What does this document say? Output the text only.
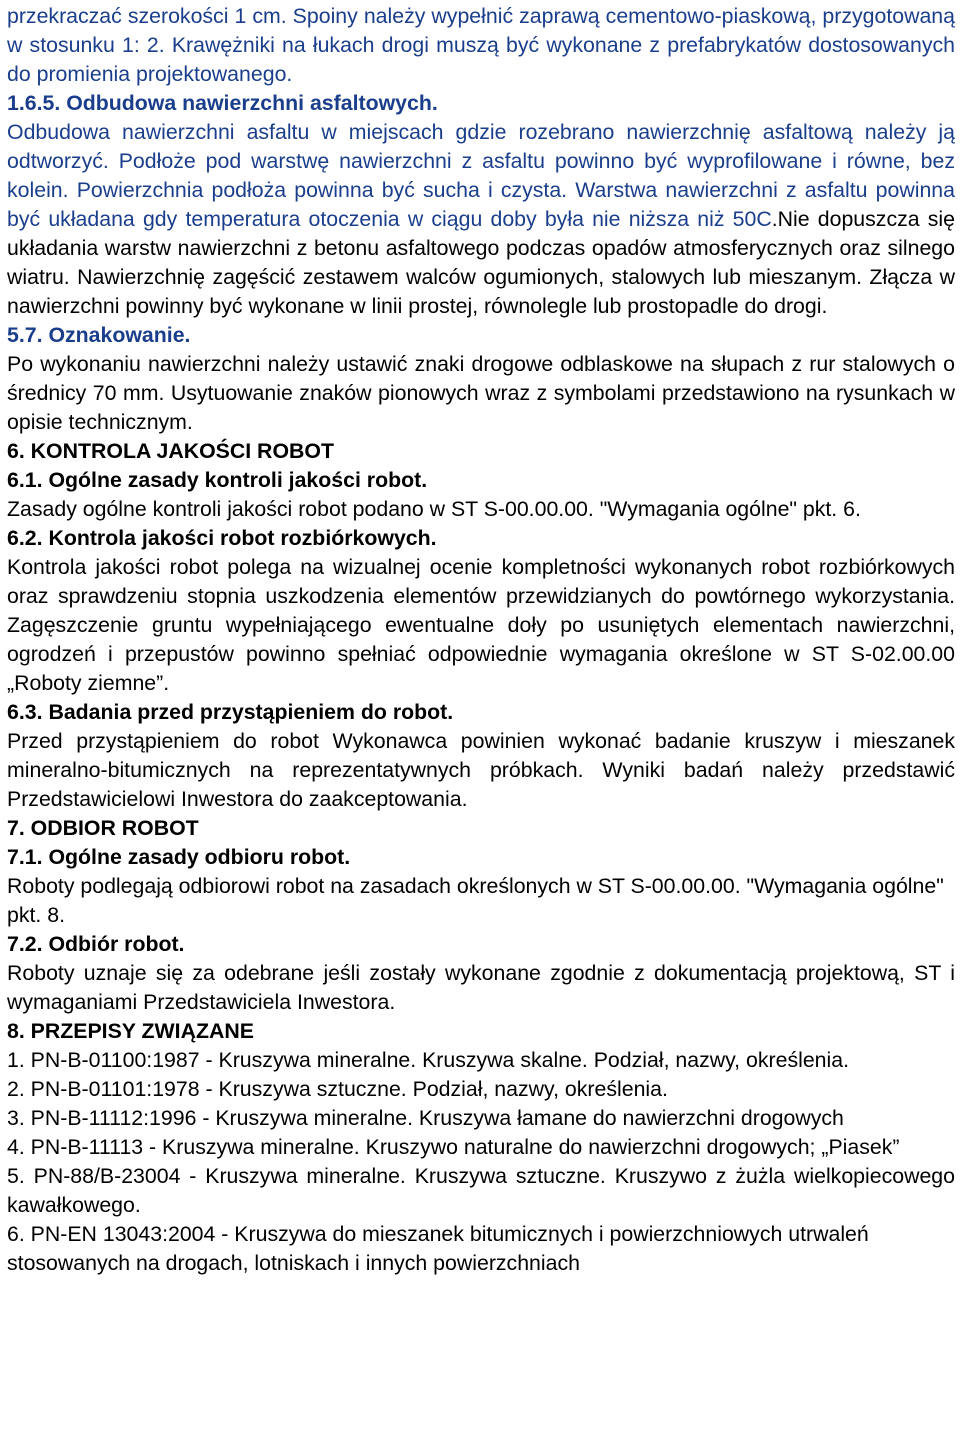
przekraczać szerokości 1 cm. Spoiny należy wypełnić zaprawą cementowo-piaskową, przygotowaną w stosunku 1: 2. Krawężniki na łukach drogi muszą być wykonane z prefabrykatów dostosowanych do promienia projektowanego.

1.6.5. Odbudowa nawierzchni asfaltowych.

Odbudowa nawierzchni asfaltu w miejscach gdzie rozebrano nawierzchnię asfaltową należy ją odtworzyć. Podłoże pod warstwę nawierzchni z asfaltu powinno być wyprofilowane i równe, bez kolein. Powierzchnia podłoża powinna być sucha i czysta. Warstwa nawierzchni z asfaltu powinna być układana gdy temperatura otoczenia w ciągu doby była nie niższa niż 50C.Nie dopuszcza się układania warstw nawierzchni z betonu asfaltowego podczas opadów atmosferycznych oraz silnego wiatru. Nawierzchnię zagęścić zestawem walców ogumionych, stalowych lub mieszanym. Złącza w nawierzchni powinny być wykonane w linii prostej, równolegle lub prostopadle do drogi.

5.7. Oznakowanie.

Po wykonaniu nawierzchni należy ustawić znaki drogowe odblaskowe na słupach z rur stalowych o średnicy 70 mm. Usytuowanie znaków pionowych wraz z symbolami przedstawiono na rysunkach w opisie technicznym.

6. KONTROLA JAKOŚCI ROBOT

6.1. Ogólne zasady kontroli jakości robot.

Zasady ogólne kontroli jakości robot podano w ST S-00.00.00. "Wymagania ogólne" pkt. 6.

6.2. Kontrola jakości robot rozbiórkowych.

Kontrola jakości robot polega na wizualnej ocenie kompletności wykonanych robot rozbiórkowych oraz sprawdzeniu stopnia uszkodzenia elementów przewidzianych do powtórnego wykorzystania. Zagęszczenie gruntu wypełniającego ewentualne doły po usuniętych elementach nawierzchni, ogrodzeń i przepustów powinno spełniać odpowiednie wymagania określone w ST S-02.00.00 „Roboty ziemne”.

6.3. Badania przed przystąpieniem do robot.

Przed przystąpieniem do robot Wykonawca powinien wykonać badanie kruszyw i mieszanek mineralno-bitumicznych na reprezentatywnych próbkach. Wyniki badań należy przedstawić Przedstawicielowi Inwestora do zaakceptowania.

7. ODBIOR ROBOT

7.1. Ogólne zasady odbioru robot.

Roboty podlegają odbiorowi robot na zasadach określonych w ST S-00.00.00. "Wymagania ogólne" pkt. 8.

7.2. Odbiór robot.

Roboty uznaje się za odebrane jeśli zostały wykonane zgodnie z dokumentacją projektową, ST i wymaganiami Przedstawiciela Inwestora.

8. PRZEPISY ZWIĄZANE

1. PN-B-01100:1987 - Kruszywa mineralne. Kruszywa skalne. Podział, nazwy, określenia.

2. PN-B-01101:1978 - Kruszywa sztuczne. Podział, nazwy, określenia.

3. PN-B-11112:1996 - Kruszywa mineralne. Kruszywa łamane do nawierzchni drogowych

4. PN-B-11113 - Kruszywa mineralne. Kruszywo naturalne do nawierzchni drogowych; „Piasek”

5. PN-88/B-23004 - Kruszywa mineralne. Kruszywa sztuczne. Kruszywo z żużla wielkopiecowego kawałkowego.

6. PN-EN 13043:2004 - Kruszywa do mieszanek bitumicznych i powierzchniowych utrwaleń stosowanych na drogach, lotniskach i innych powierzchniach
